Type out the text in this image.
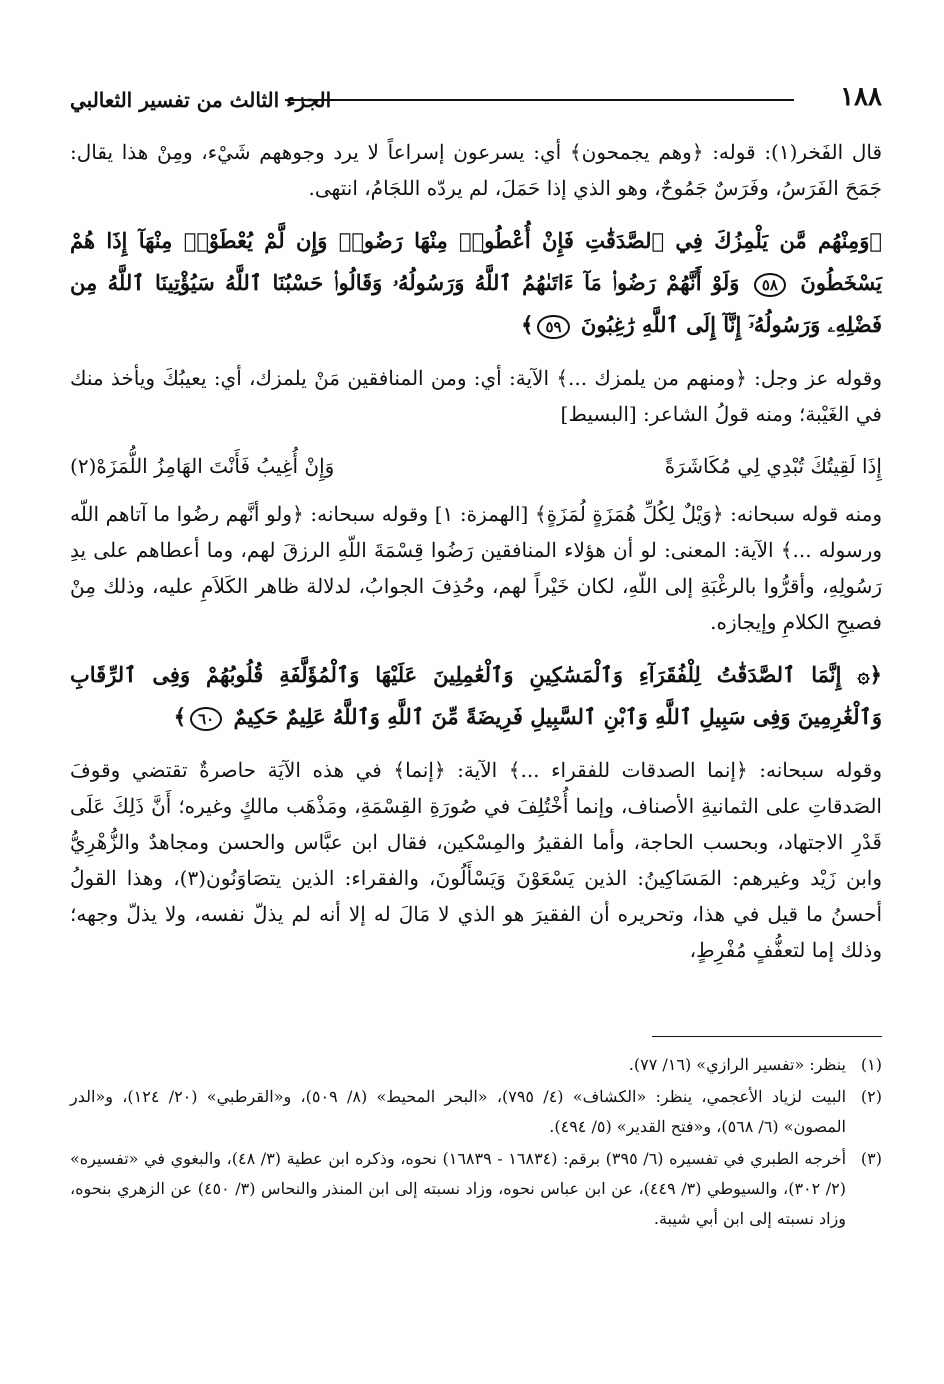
١٨٨
الجزء الثالث من تفسير الثعالبي

قال الفَخر(١): قوله: ﴿وهم يجمحون﴾ أي: يسرعون إسراعاً لا يرد وجوههم شَيْء، ومِنْ هذا يقال: جَمَحَ الفَرَسُ، وفَرَسٌ جَمُوحٌ، وهو الذي إذا حَمَلَ، لم يردّه اللجَامُ، انتهى.

﴿وَمِنْهُم مَّن يَلْمِزُكَ فِي ٱلصَّدَقَٰتِ فَإِنْ أُعْطُوا۟ مِنْهَا رَضُوا۟ وَإِن لَّمْ يُعْطَوْا۟ مِنْهَآ إِذَا هُمْ يَسْخَطُونَ ٥٨ وَلَوْ أَنَّهُمْ رَضُوا۟ مَآ ءَاتَىٰهُمُ ٱللَّهُ وَرَسُولُهُۥ وَقَالُوا۟ حَسْبُنَا ٱللَّهُ سَيُؤْتِينَا ٱللَّهُ مِن فَضْلِهِۦ وَرَسُولُهُۥٓ إِنَّآ إِلَى ٱللَّهِ رَٰغِبُونَ ٥٩﴾

وقوله عز وجل: ﴿ومنهم من يلمزك ...﴾ الآية: أي: ومن المنافقين مَنْ يلمزك، أي: يعيبُكَ ويأخذ منك في الغَيْبة؛ ومنه قولُ الشاعر: [البسيط]

إِذَا لَقِيتُكَ تُبْدِي لِي مُكَاشَرَةً
وَإِنْ أُغِيبُ فَأَنْتَ الهَامِزُ اللُّمَزَهْ(٢)

ومنه قوله سبحانه: ﴿وَيْلٌ لِكُلِّ هُمَزَةٍ لُمَزَةٍ﴾ [الهمزة: ١] وقوله سبحانه: ﴿ولو أنَّهم رضُوا ما آتاهم اللّه ورسوله ...﴾ الآية: المعنى: لو أن هؤلاء المنافقين رَضُوا قِسْمَةَ اللّهِ الرزقَ لهم، وما أعطاهم على يدِ رَسُولِهِ، وأقرُّوا بالرغْبَةِ إلى اللّهِ، لكان خَيْراً لهم، وحُذِفَ الجوابُ، لدلالة ظاهر الكَلاَمِ عليه، وذلك مِنْ فصيحِ الكلامِ وإيجازه.

﴿۞ إِنَّمَا ٱلصَّدَقَٰتُ لِلْفُقَرَآءِ وَٱلْمَسَٰكِينِ وَٱلْعَٰمِلِينَ عَلَيْهَا وَٱلْمُؤَلَّفَةِ قُلُوبُهُمْ وَفِى ٱلرِّقَابِ وَٱلْغَٰرِمِينَ وَفِى سَبِيلِ ٱللَّهِ وَٱبْنِ ٱلسَّبِيلِ فَرِيضَةً مِّنَ ٱللَّهِ وَٱللَّهُ عَلِيمٌ حَكِيمٌ ٦٠﴾

وقوله سبحانه: ﴿إنما الصدقات للفقراء ...﴾ الآية: ﴿إنما﴾ في هذه الآيَة حاصرةٌ تقتضي وقوفَ الصَدقاتِ على الثمانيةِ الأصناف، وإنما أُخْتُلِفَ في صُورَةِ القِسْمَةِ، ومَذْهَب مالكٍ وغيره؛ أَنَّ ذَلِكَ عَلَى قَدْرِ الاجتهاد، وبحسب الحاجة، وأما الفقيرُ والمِسْكين، فقال ابن عبَّاس والحسن ومجاهدٌ والزُّهْرِيُّ وابن زَيْد وغيرهم: المَسَاكِينُ: الذين يَسْعَوْنَ وَيَسْأَلُونَ، والفقراء: الذين يتصَاوَنُون(٣)، وهذا القولُ أحسنُ ما قيل في هذا، وتحريره أن الفقيرَ هو الذي لا مَالَ له إلا أنه لم يذلّ نفسه، ولا يذلّ وجهه؛ وذلك إما لتعفُّفٍ مُفْرِطٍ،

(١)
ينظر: «تفسير الرازي» (١٦/ ٧٧).
(٢)
البيت لزياد الأعجمي، ينظر: «الكشاف» (٤/ ٧٩٥)، «البحر المحيط» (٨/ ٥٠٩)، و«القرطبي» (٢٠/ ١٢٤)، و«الدر المصون» (٦/ ٥٦٨)، و«فتح القدير» (٥/ ٤٩٤).
(٣)
أخرجه الطبري في تفسيره (٦/ ٣٩٥) برقم: (١٦٨٣٤ - ١٦٨٣٩) نحوه، وذكره ابن عطية (٣/ ٤٨)، والبغوي في «تفسيره» (٢/ ٣٠٢)، والسيوطي (٣/ ٤٤٩)، عن ابن عباس نحوه، وزاد نسبته إلى ابن المنذر والنحاس (٣/ ٤٥٠) عن الزهري بنحوه، وزاد نسبته إلى ابن أبي شيبة.
